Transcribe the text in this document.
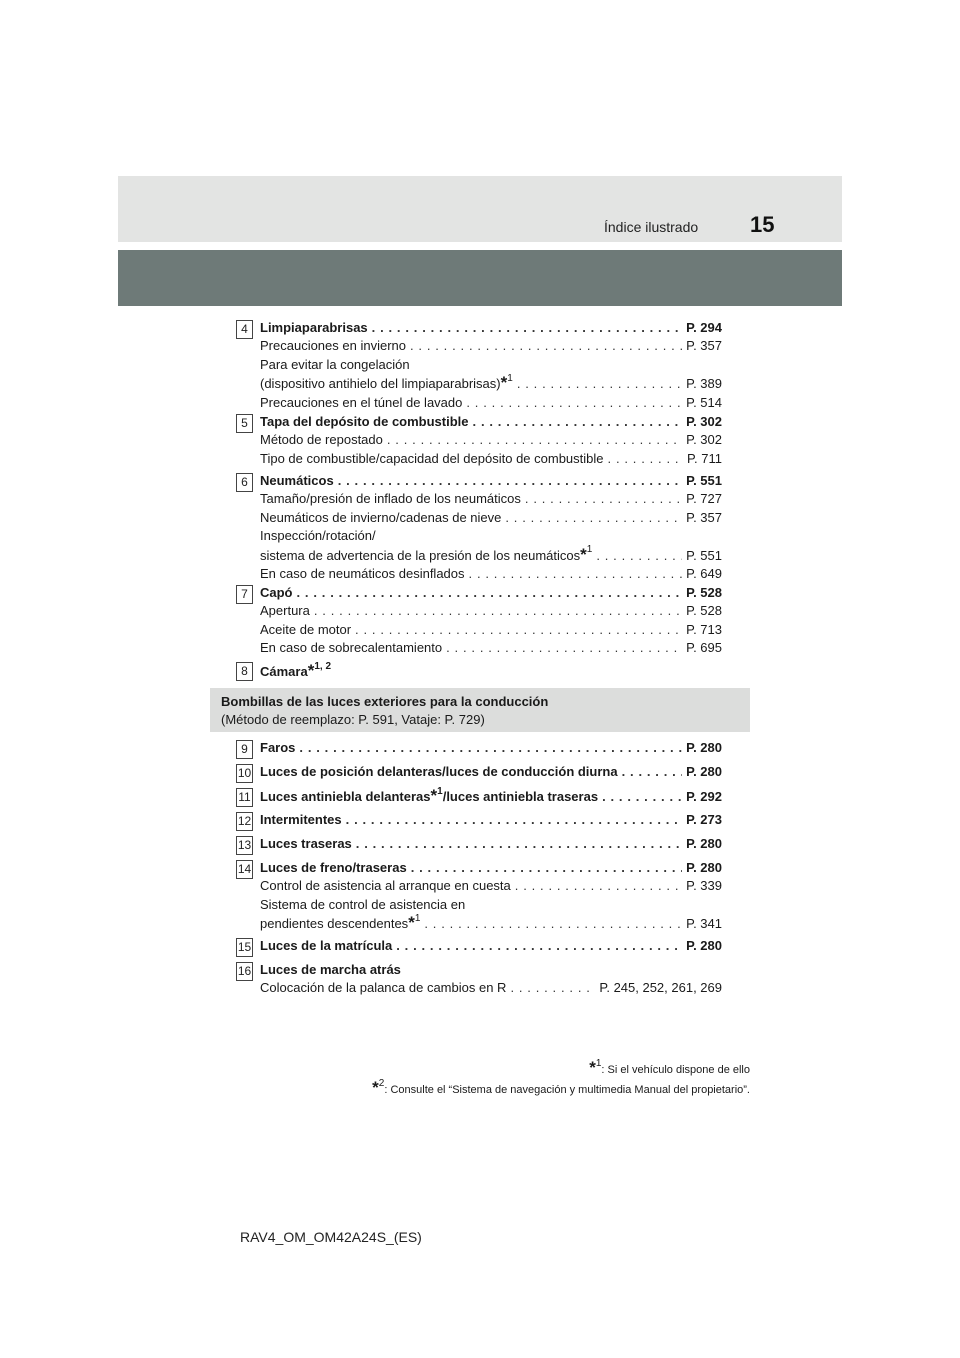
15
Índice ilustrado
4 Limpiaparabrisas . . .	P. 294
Precauciones en invierno . . .	P. 357
Para evitar la congelación
(dispositivo antihielo del limpiaparabrisas)*$^1$ . . .	P. 389
Precauciones en el túnel de lavado . . .	P. 514
5 Tapa del depósito de combustible . . .	P. 302
Método de repostado . . .	P. 302
Tipo de combustible/capacidad del depósito de combustible . . .	P. 711
6 Neumáticos . . .	P. 551
Tamaño/presión de inflado de los neumáticos . . .	P. 727
Neumáticos de invierno/cadenas de nieve . . .	P. 357
Inspección/rotación/
sistema de advertencia de la presión de los neumáticos*$^1$ . . .	P. 551
En caso de neumáticos desinflados . . .	P. 649
7 Capó . . .	P. 528
Apertura . . .	P. 528
Aceite de motor . . .	P. 713
En caso de sobrecalentamiento . . .	P. 695
8 Cámara*$^{1, 2}$
Bombillas de las luces exteriores para la conducción
(Método de reemplazo: P. 591, Vataje: P. 729)
9 Faros . . .	P. 280
10 Luces de posición delanteras/luces de conducción diurna . . .	P. 280
11 Luces antiniebla delanteras*$^1$/luces antiniebla traseras . . .	P. 292
12 Intermitentes . . .	P. 273
13 Luces traseras . . .	P. 280
14 Luces de freno/traseras . . .	P. 280
Control de asistencia al arranque en cuesta . . .	P. 339
Sistema de control de asistencia en
pendientes descendentes*$^1$ . . .	P. 341
15 Luces de la matrícula . . .	P. 280
16 Luces de marcha atrás
Colocación de la palanca de cambios en R . . .	P. 245, 252, 261, 269
*$^1$: Si el vehículo dispone de ello
*$^2$: Consulte el “Sistema de navegación y multimedia Manual del propietario”.
RAV4_OM_OM42A24S_(ES)
